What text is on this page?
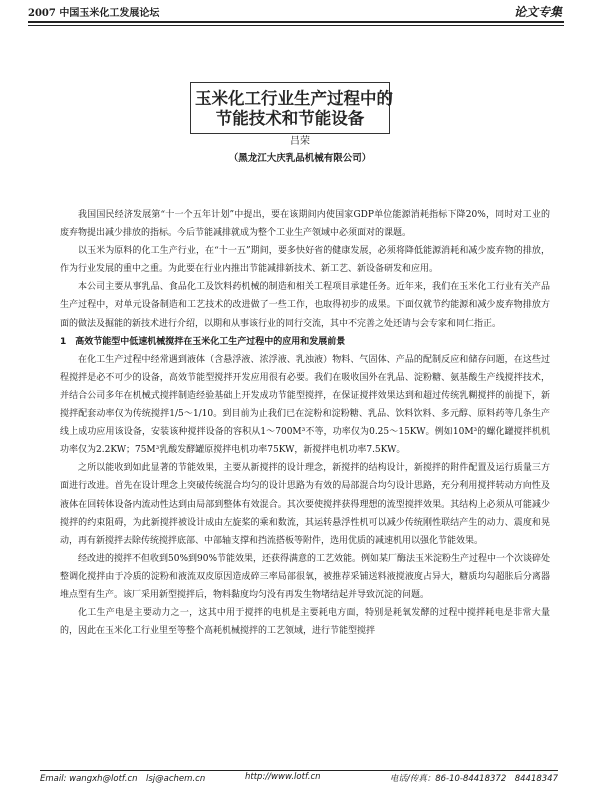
2007 中国玉米化工发展论坛	论文专集
玉米化工行业生产过程中的
节能技术和节能设备
吕荣
（黑龙江大庆乳品机械有限公司）

我国国民经济发展第“十一个五年计划”中提出，要在该期间内使国家GDP单位能源消耗指标下降20%，同时对工业的废弃物提出减少排放的指标。今后节能减排就成为整个工业生产领域中必须面对的课题。

以玉米为原料的化工生产行业，在“十一五”期间，要多快好省的健康发展，必须将降低能源消耗和减少废弃物的排放，作为行业发展的重中之重。为此要在行业内推出节能减排新技术、新工艺、新设备研发和应用。

本公司主要从事乳品、食品化工及饮料药机械的制造和相关工程项目承建任务。近年来，我们在玉米化工行业有关产品生产过程中，对单元设备制造和工艺技术的改进做了一些工作，也取得初步的成果。下面仅就节约能源和减少废弃物排放方面的做法及掘能的新技术进行介绍，以期和从事该行业的同行交流，其中不完善之处还请与会专家和同仁指正。

1　高效节能型中低速机械搅拌在玉米化工生产过程中的应用和发展前景

在化工生产过程中经常遇到液体（含悬浮液、浓浮液、乳浊液）物料、气固体、产品的配制反应和储存问题，在这些过程搅拌是必不可少的设备，高效节能型搅拌开发应用很有必要。我们在吸收国外在乳品、淀粉糖、氨基酸生产线搅拌技术，并结合公司多年在机械式搅拌制造经验基础上开发成功节能型搅拌，在保证搅拌效果达到和超过传统乳糊搅拌的前提下，新搅拌配套动率仅为传统搅拌1/5～1/10。到目前为止我们已在淀粉和淀粉糖、乳品、饮料饮料、多元醇、原料药等几条生产线上成功应用该设备，安装该种搅拌设备的容积从1～700M³不等，功率仅为0.25～15KW。例如10M³的螺化罐搅拌机机功率仅为2.2KW；75M³乳酸发酵罐原搅拌电机功率75KW，新搅拌电机功率7.5KW。

之所以能收到如此显著的节能效果，主要从新搅拌的设计理念，新搅拌的结构设计，新搅拌的附件配置及运行质量三方面进行改进。首先在设计理念上突破传统混合均匀的设计思路为有效的局部混合均匀设计思路，充分利用搅拌转动方向性及液体在回转体设备内流动性达到由局部到整体有效混合。其次要使搅拌获得理想的流型搅拌效果。其结构上必须从可能减少搅拌的约束阻碍，为此新搅拌被设计成由左旋桨的乘和数流，其运转悬浮性机可以减少传统刚性联结产生的动力、震度和晃动，再有新搅拌去除传统搅拌底部、中部轴支撑和挡流搭板等附件，选用优质的减速机用以强化节能效果。

经改进的搅拌不但收到50%到90%节能效果，还获得满意的工艺效能。例如某厂酶法玉米淀粉生产过程中一个次谈碎处整调化搅拌由于冷质的淀粉和液流双皮原因造成碎三率局部很氧，被推荐采铺送料液搅液度占异大，糖质均勾超胀后分离器堆点型有生产。该厂采用新型搅拌后，物料黏度均匀没有再发生物堵结起并导致沉淀的问题。

化工生产电是主要动力之一，这其中用于搅拌的电机是主要耗电方面，特别是耗氧发酵的过程中搅拌耗电是非常大量的，因此在玉米化工行业里至等整个高耗机械搅拌的工艺领域，进行节能型搅拌

Email: wangxh@lotf.cn　lsj@achem.cn	http://www.lotf.cn	电话/传真：86-10-84418372　84418347
